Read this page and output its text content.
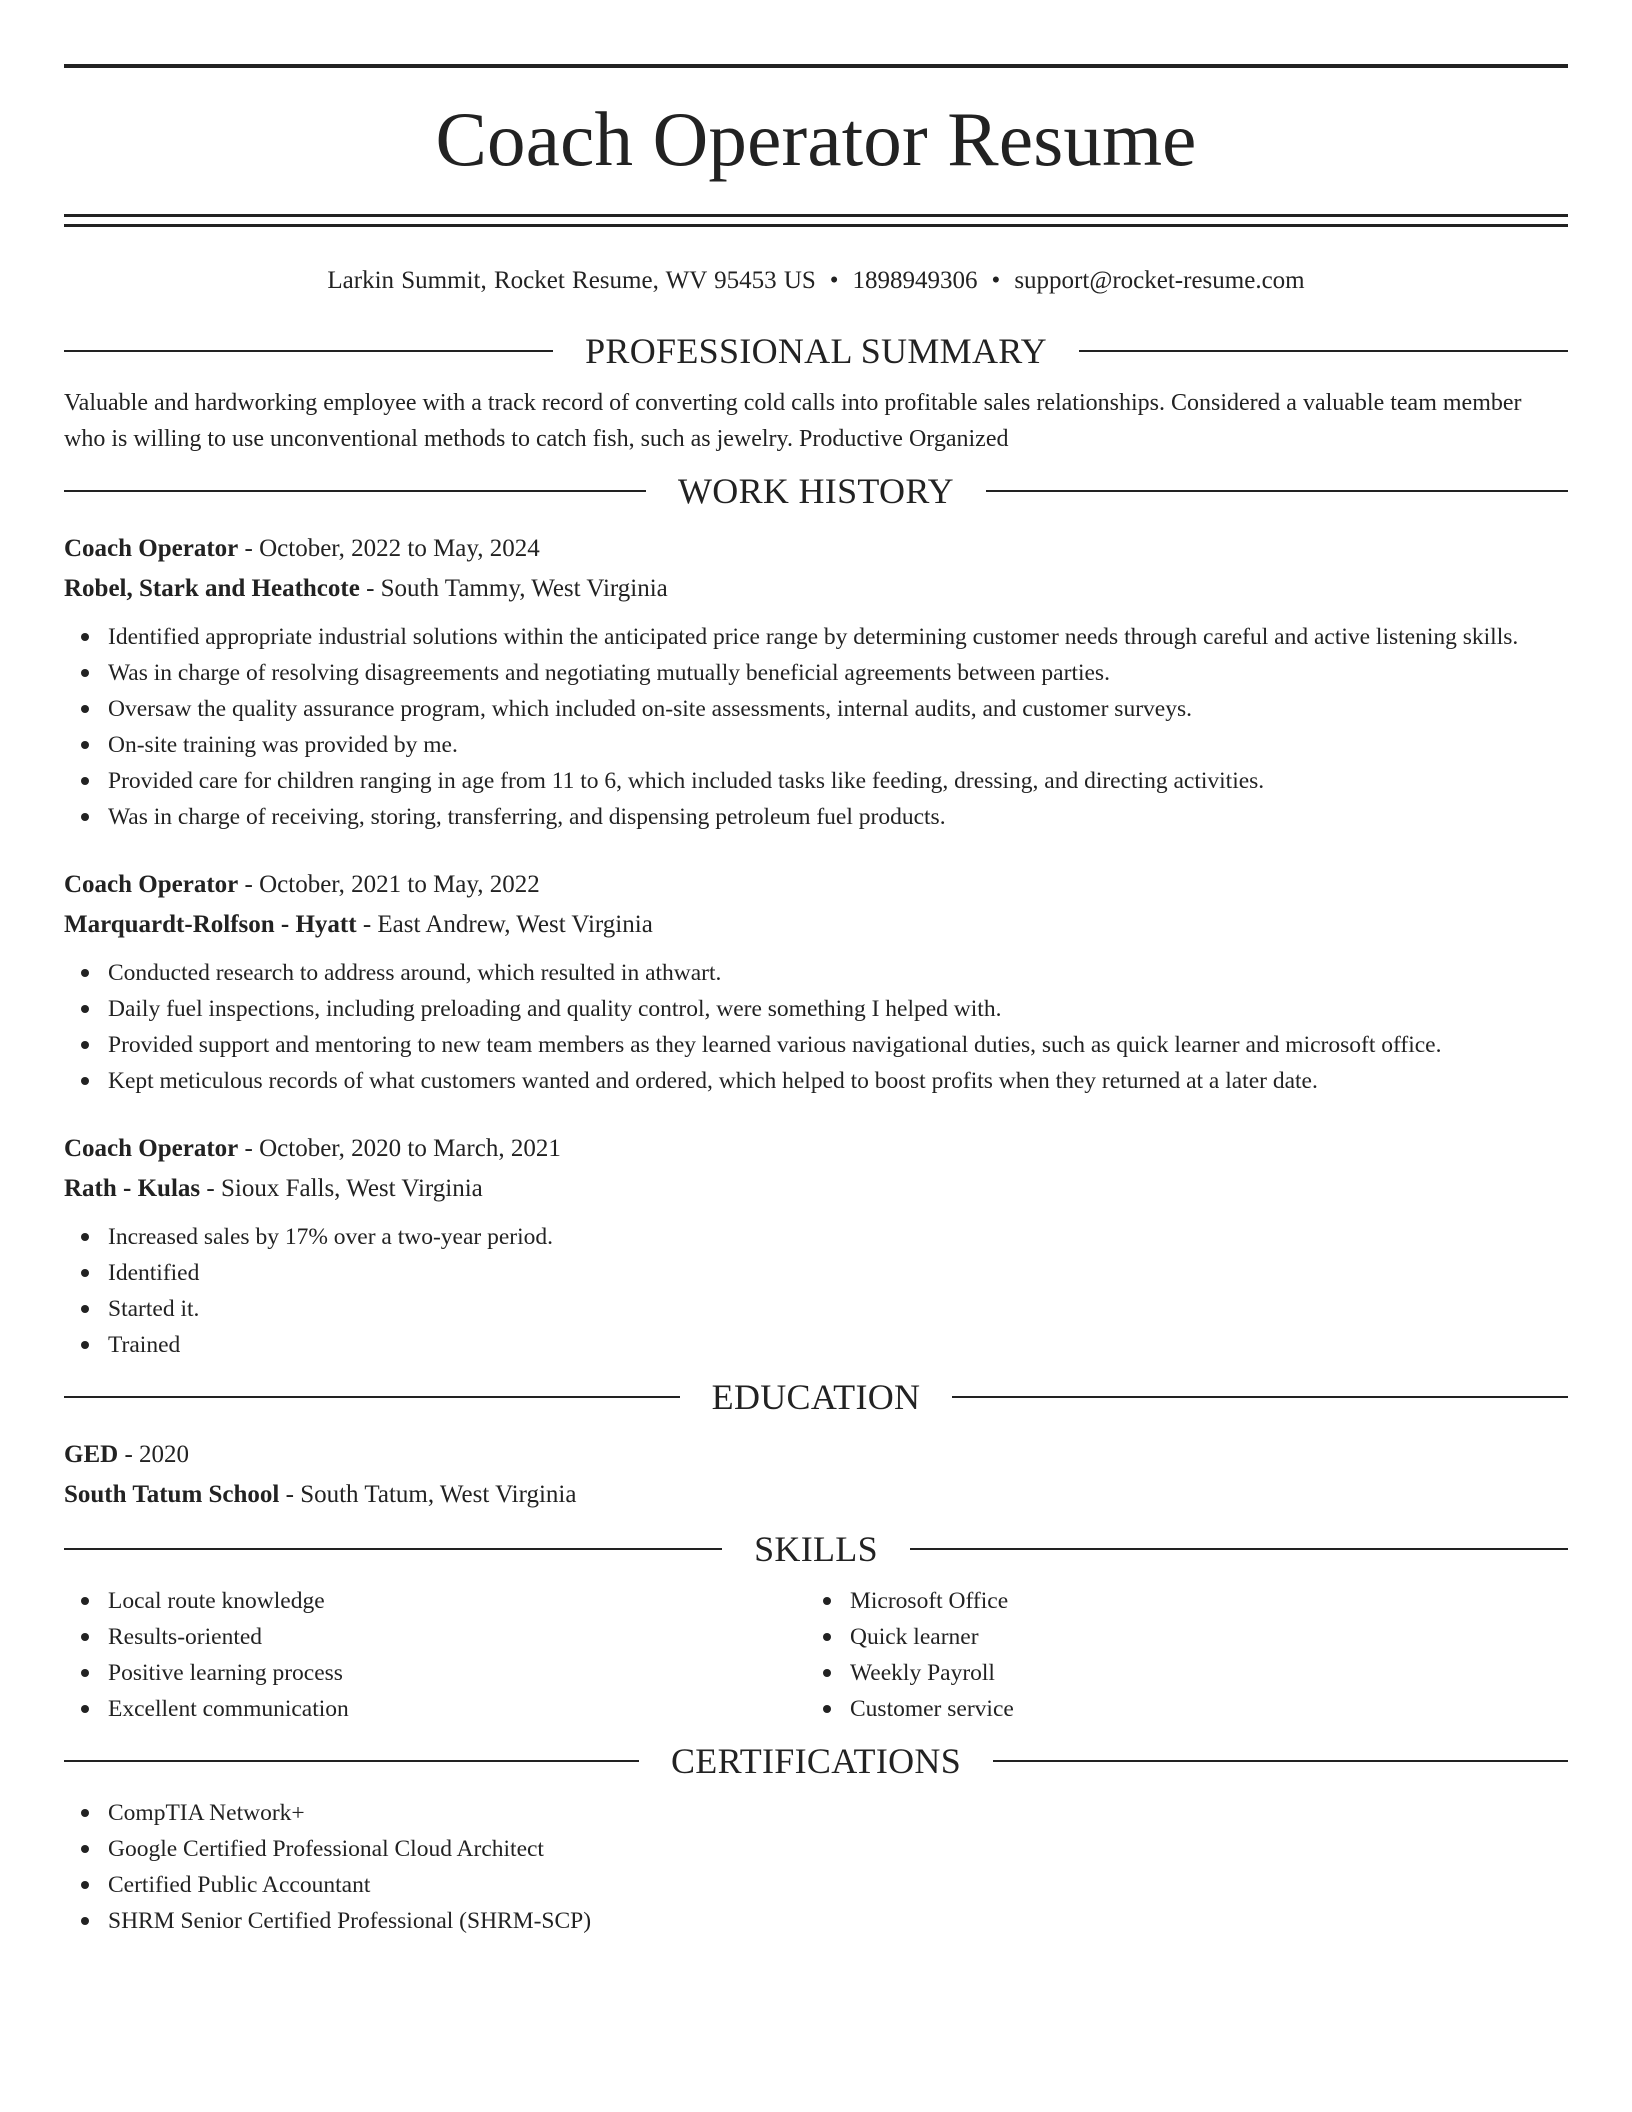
Coach Operator Resume
Larkin Summit, Rocket Resume, WV 95453 US • 1898949306 • support@rocket-resume.com
PROFESSIONAL SUMMARY
Valuable and hardworking employee with a track record of converting cold calls into profitable sales relationships. Considered a valuable team member who is willing to use unconventional methods to catch fish, such as jewelry. Productive Organized
WORK HISTORY
Coach Operator - October, 2022 to May, 2024
Robel, Stark and Heathcote - South Tammy, West Virginia
Identified appropriate industrial solutions within the anticipated price range by determining customer needs through careful and active listening skills.
Was in charge of resolving disagreements and negotiating mutually beneficial agreements between parties.
Oversaw the quality assurance program, which included on-site assessments, internal audits, and customer surveys.
On-site training was provided by me.
Provided care for children ranging in age from 11 to 6, which included tasks like feeding, dressing, and directing activities.
Was in charge of receiving, storing, transferring, and dispensing petroleum fuel products.
Coach Operator - October, 2021 to May, 2022
Marquardt-Rolfson - Hyatt - East Andrew, West Virginia
Conducted research to address around, which resulted in athwart.
Daily fuel inspections, including preloading and quality control, were something I helped with.
Provided support and mentoring to new team members as they learned various navigational duties, such as quick learner and microsoft office.
Kept meticulous records of what customers wanted and ordered, which helped to boost profits when they returned at a later date.
Coach Operator - October, 2020 to March, 2021
Rath - Kulas - Sioux Falls, West Virginia
Increased sales by 17% over a two-year period.
Identified
Started it.
Trained
EDUCATION
GED - 2020
South Tatum School - South Tatum, West Virginia
SKILLS
Local route knowledge
Results-oriented
Positive learning process
Excellent communication
Microsoft Office
Quick learner
Weekly Payroll
Customer service
CERTIFICATIONS
CompTIA Network+
Google Certified Professional Cloud Architect
Certified Public Accountant
SHRM Senior Certified Professional (SHRM-SCP)
